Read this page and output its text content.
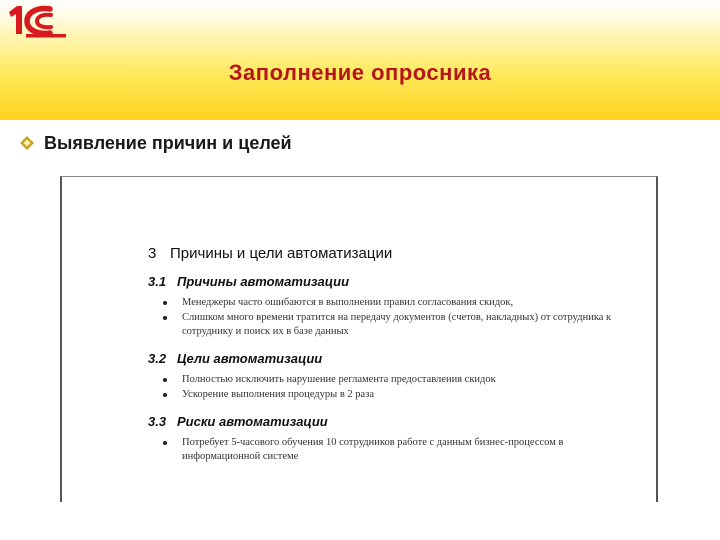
Заполнение опросника
Выявление причин и целей
3 Причины и цели автоматизации
3.1 Причины автоматизации
Менеджеры часто ошибаются в выполнении правил согласования скидок,
Слишком много времени тратится на передачу документов (счетов, накладных) от сотрудника к сотруднику и поиск их в базе данных
3.2 Цели автоматизации
Полностью исключить нарушение регламента предоставления скидок
Ускорение выполнения процедуры в 2 раза
3.3 Риски автоматизации
Потребует 5-часового обучения 10 сотрудников работе с данным бизнес-процессом в информационной системе
